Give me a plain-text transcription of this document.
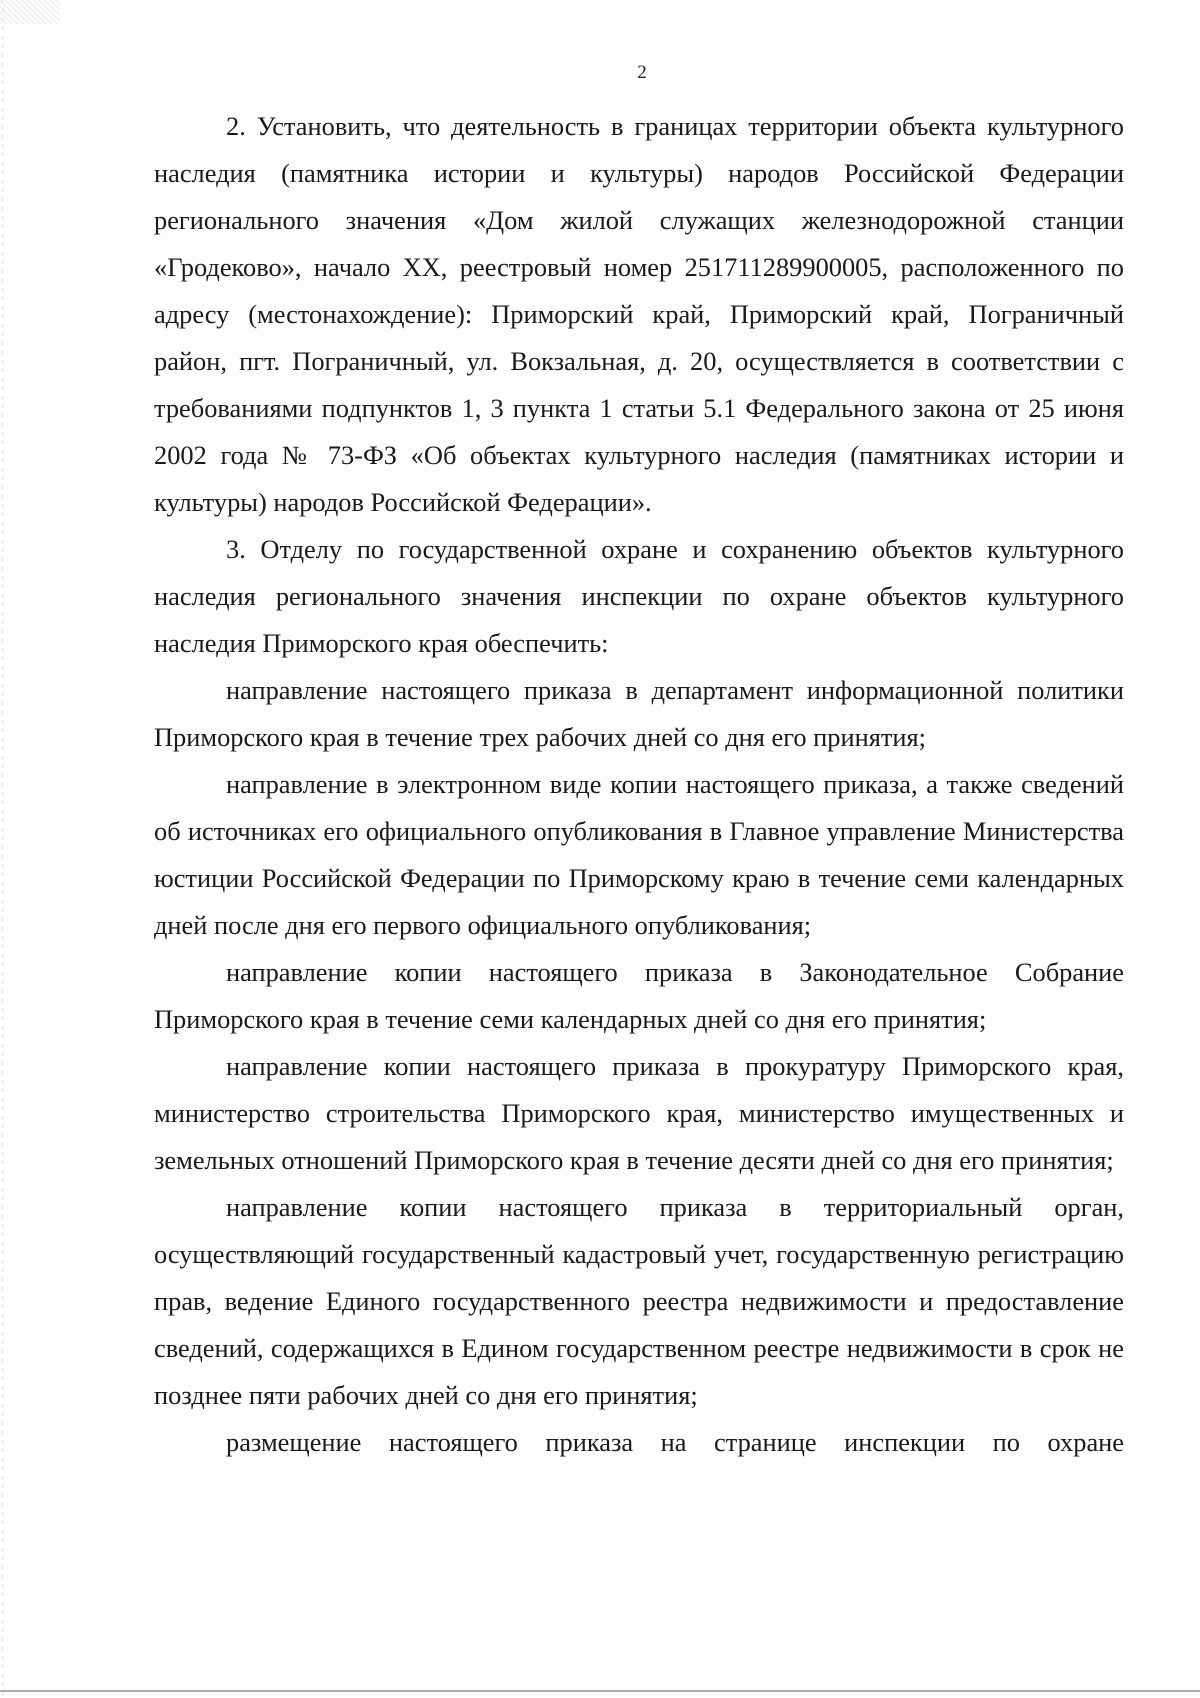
2

2. Установить, что деятельность в границах территории объекта культурного наследия (памятника истории и культуры) народов Российской Федерации регионального значения «Дом жилой служащих железнодорожной станции «Гродеково», начало XX, реестровый номер 251711289900005, расположенного по адресу (местонахождение): Приморский край, Приморский край, Пограничный район, пгт. Пограничный, ул. Вокзальная, д. 20, осуществляется в соответствии с требованиями подпунктов 1, 3 пункта 1 статьи 5.1 Федерального закона от 25 июня 2002 года № 73-ФЗ «Об объектах культурного наследия (памятниках истории и культуры) народов Российской Федерации».

3. Отделу по государственной охране и сохранению объектов культурного наследия регионального значения инспекции по охране объектов культурного наследия Приморского края обеспечить:

направление настоящего приказа в департамент информационной политики Приморского края в течение трех рабочих дней со дня его принятия;

направление в электронном виде копии настоящего приказа, а также сведений об источниках его официального опубликования в Главное управление Министерства юстиции Российской Федерации по Приморскому краю в течение семи календарных дней после дня его первого официального опубликования;

направление копии настоящего приказа в Законодательное Собрание Приморского края в течение семи календарных дней со дня его принятия;

направление копии настоящего приказа в прокуратуру Приморского края, министерство строительства Приморского края, министерство имущественных и земельных отношений Приморского края в течение десяти дней со дня его принятия;

направление копии настоящего приказа в территориальный орган, осуществляющий государственный кадастровый учет, государственную регистрацию прав, ведение Единого государственного реестра недвижимости и предоставление сведений, содержащихся в Едином государственном реестре недвижимости в срок не позднее пяти рабочих дней со дня его принятия;

размещение настоящего приказа на странице инспекции по охране
